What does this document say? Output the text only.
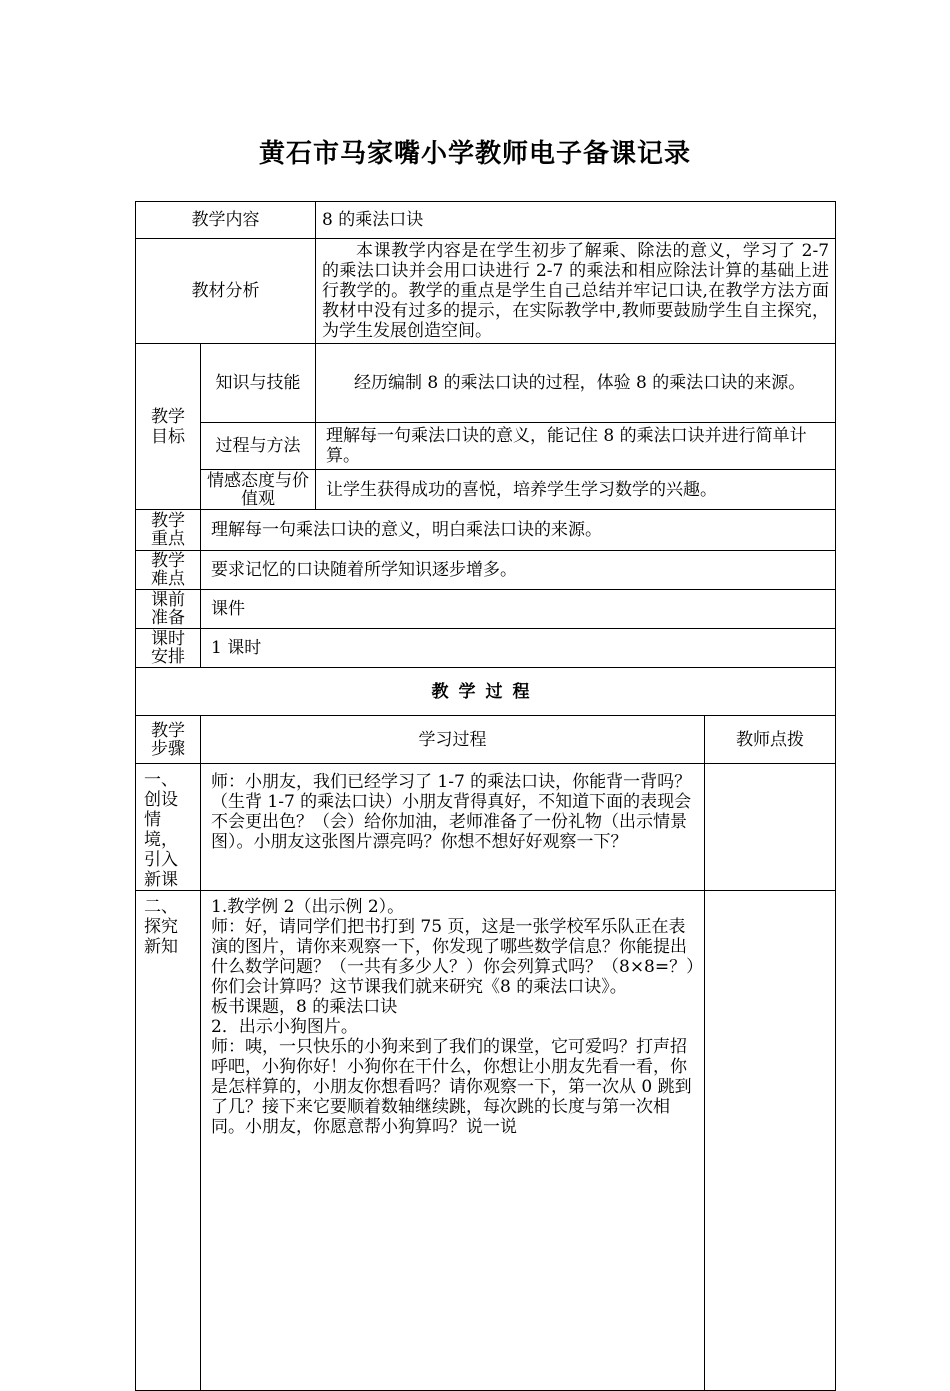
黄石市马家嘴小学教师电子备课记录
教学内容		8 的乘法口诀	
教材分析		本课教学内容是在学生初步了解乘、除法的意义，学习了 2-7 的乘法口诀并会用口诀进行 2-7 的乘法和相应除法计算的基础上进行教学的。教学的重点是学生自己总结并牢记口诀,在教学方法方面教材中没有过多的提示，在实际教学中,教师要鼓励学生自主探究，为学生发展创造空间。	

教学目标	知识与技能	经历编制 8 的乘法口诀的过程，体验 8 的乘法口诀的来源。	
	过程与方法	理解每一句乘法口诀的意义，能记住 8 的乘法口诀并进行简单计算。	

	情感态度与价值观	让学生获得成功的喜悦，培养学生学习数学的兴趣。	

教学重点	理解每一句乘法口诀的意义，明白乘法口诀的来源。		

教学难点	要求记忆的口诀随着所学知识逐步增多。		

课前准备	课件		

课时安排	1 课时		
教学过程			

教学步骤	学习过程		教师点拨

一、创设情境，引入新课	师：小朋友，我们已经学习了 1-7 的乘法口诀，你能背一背吗？（生背 1-7 的乘法口诀）小朋友背得真好，不知道下面的表现会不会更出色？（会）给你加油，老师准备了一份礼物（出示情景图）。小朋友这张图片漂亮吗？你想不想好好观察一下？		

二、探究新知	1.教学例 2（出示例 2）。

师：好，请同学们把书打到 75 页，这是一张学校军乐队正在表演的图片，请你来观察一下，你发现了哪些数学信息？你能提出什么数学问题？（一共有多少人？）你会列算式吗？（8×8=？）你们会计算吗？这节课我们就来研究《8 的乘法口诀》。

板书课题，8 的乘法口诀

2．出示小狗图片。

师：咦，一只快乐的小狗来到了我们的课堂，它可爱吗？打声招呼吧，小狗你好！小狗你在干什么，你想让小朋友先看一看，你是怎样算的，小朋友你想看吗？请你观察一下，第一次从 0 跳到了几？接下来它要顺着数轴继续跳，每次跳的长度与第一次相同。小朋友，你愿意帮小狗算吗？说一说		
